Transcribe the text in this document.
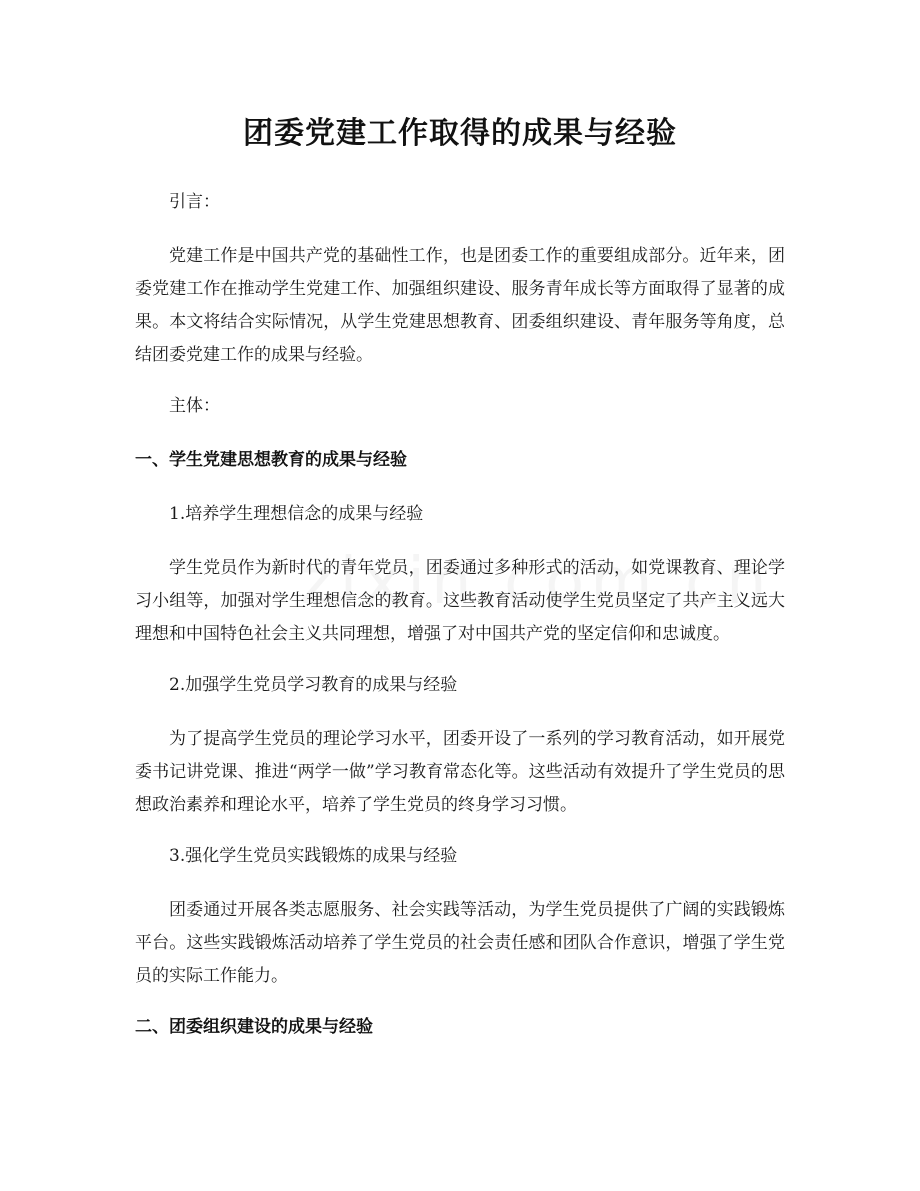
团委党建工作取得的成果与经验

引言：

党建工作是中国共产党的基础性工作，也是团委工作的重要组成部分。近年来，团委党建工作在推动学生党建工作、加强组织建设、服务青年成长等方面取得了显著的成果。本文将结合实际情况，从学生党建思想教育、团委组织建设、青年服务等角度，总结团委党建工作的成果与经验。

主体：

一、学生党建思想教育的成果与经验

1.培养学生理想信念的成果与经验

学生党员作为新时代的青年党员，团委通过多种形式的活动，如党课教育、理论学习小组等，加强对学生理想信念的教育。这些教育活动使学生党员坚定了共产主义远大理想和中国特色社会主义共同理想，增强了对中国共产党的坚定信仰和忠诚度。

2.加强学生党员学习教育的成果与经验

为了提高学生党员的理论学习水平，团委开设了一系列的学习教育活动，如开展党委书记讲党课、推进“两学一做”学习教育常态化等。这些活动有效提升了学生党员的思想政治素养和理论水平，培养了学生党员的终身学习习惯。

3.强化学生党员实践锻炼的成果与经验

团委通过开展各类志愿服务、社会实践等活动，为学生党员提供了广阔的实践锻炼平台。这些实践锻炼活动培养了学生党员的社会责任感和团队合作意识，增强了学生党员的实际工作能力。

二、团委组织建设的成果与经验
